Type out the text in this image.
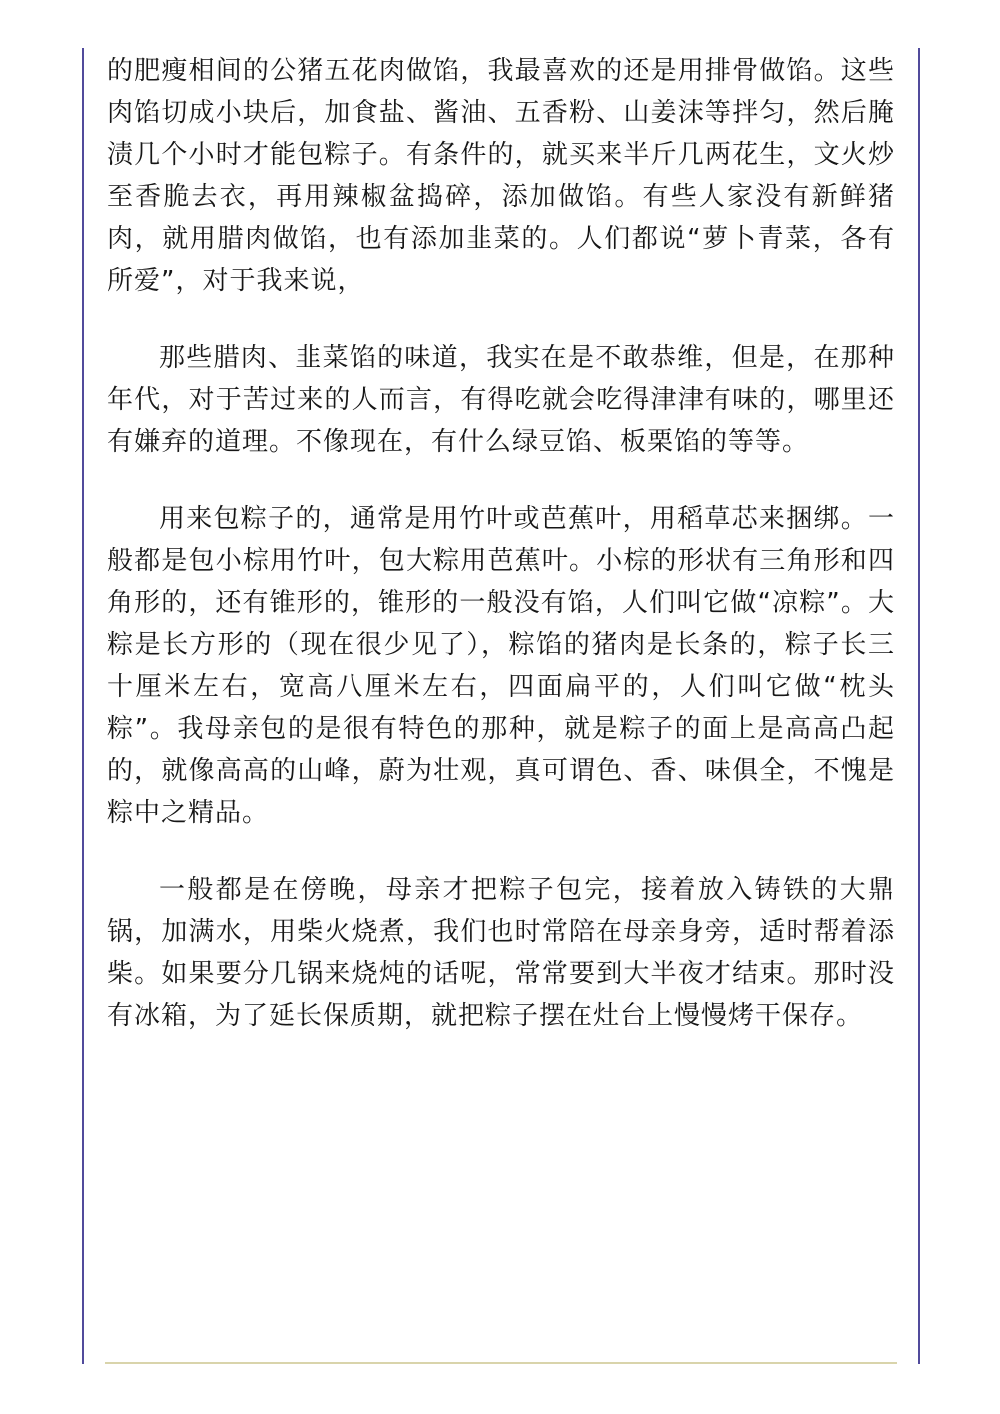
的肥瘦相间的公猪五花肉做馅，我最喜欢的还是用排骨做馅。这些肉馅切成小块后，加食盐、酱油、五香粉、山姜沫等拌匀，然后腌渍几个小时才能包粽子。有条件的，就买来半斤几两花生，文火炒至香脆去衣，再用辣椒盆捣碎，添加做馅。有些人家没有新鲜猪肉，就用腊肉做馅，也有添加韭菜的。人们都说“萝卜青菜，各有所爱”，对于我来说，

那些腊肉、韭菜馅的味道，我实在是不敢恭维，但是，在那种年代，对于苦过来的人而言，有得吃就会吃得津津有味的，哪里还有嫌弃的道理。不像现在，有什么绿豆馅、板栗馅的等等。

用来包粽子的，通常是用竹叶或芭蕉叶，用稻草芯来捆绑。一般都是包小棕用竹叶，包大粽用芭蕉叶。小棕的形状有三角形和四角形的，还有锥形的，锥形的一般没有馅，人们叫它做“凉粽”。大粽是长方形的（现在很少见了），粽馅的猪肉是长条的，粽子长三十厘米左右，宽高八厘米左右，四面扁平的，人们叫它做“枕头粽”。我母亲包的是很有特色的那种，就是粽子的面上是高高凸起的，就像高高的山峰，蔚为壮观，真可谓色、香、味俱全，不愧是粽中之精品。

一般都是在傍晚，母亲才把粽子包完，接着放入铸铁的大鼎锅，加满水，用柴火烧煮，我们也时常陪在母亲身旁，适时帮着添柴。如果要分几锅来烧炖的话呢，常常要到大半夜才结束。那时没有冰箱，为了延长保质期，就把粽子摆在灶台上慢慢烤干保存。
